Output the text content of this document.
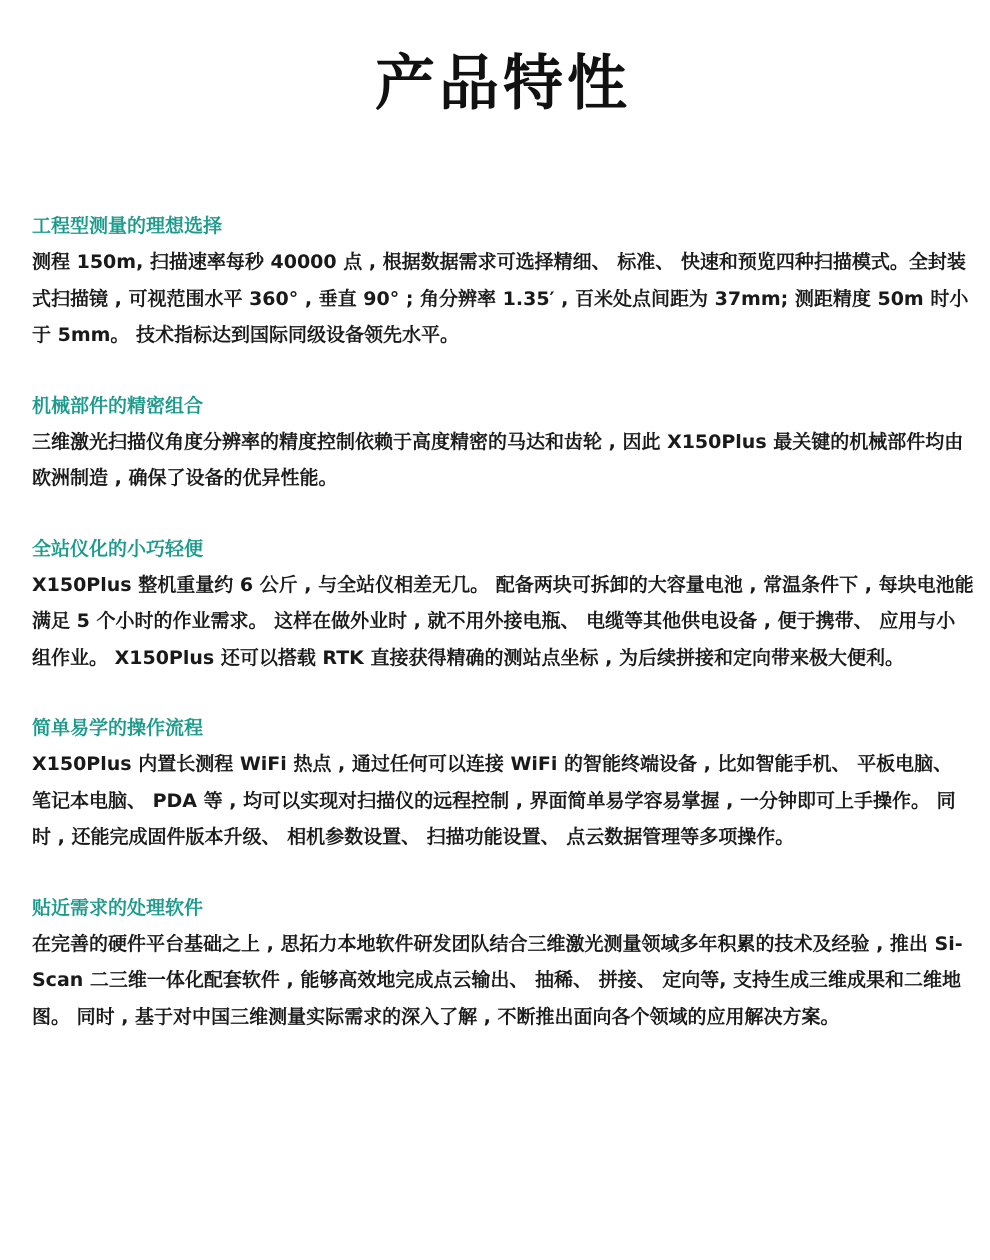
产品特性
工程型测量的理想选择

测程 150m, 扫描速率每秒 40000 点 , 根据数据需求可选择精细、 标准、 快速和预览四种扫描模式。全封装式扫描镜 , 可视范围水平 360° , 垂直 90° ; 角分辨率 1.35′ , 百米处点间距为 37mm; 测距精度 50m 时小于 5mm。 技术指标达到国际同级设备领先水平。

机械部件的精密组合

三维激光扫描仪角度分辨率的精度控制依赖于高度精密的马达和齿轮 , 因此 X150Plus 最关键的机械部件均由欧洲制造 , 确保了设备的优异性能。

全站仪化的小巧轻便

X150Plus 整机重量约 6 公斤 , 与全站仪相差无几。 配备两块可拆卸的大容量电池 , 常温条件下 , 每块电池能满足 5 个小时的作业需求。 这样在做外业时 , 就不用外接电瓶、 电缆等其他供电设备 , 便于携带、 应用与小组作业。 X150Plus 还可以搭载 RTK 直接获得精确的测站点坐标 , 为后续拼接和定向带来极大便利。

简单易学的操作流程

X150Plus 内置长测程 WiFi 热点 , 通过任何可以连接 WiFi 的智能终端设备 , 比如智能手机、 平板电脑、 笔记本电脑、 PDA 等 , 均可以实现对扫描仪的远程控制 , 界面简单易学容易掌握 , 一分钟即可上手操作。 同时 , 还能完成固件版本升级、 相机参数设置、 扫描功能设置、 点云数据管理等多项操作。

贴近需求的处理软件

在完善的硬件平台基础之上 , 思拓力本地软件研发团队结合三维激光测量领域多年积累的技术及经验 , 推出 Si- Scan 二三维一体化配套软件 , 能够高效地完成点云输出、 抽稀、 拼接、 定向等, 支持生成三维成果和二维地图。 同时 , 基于对中国三维测量实际需求的深入了解 , 不断推出面向各个领域的应用解决方案。
